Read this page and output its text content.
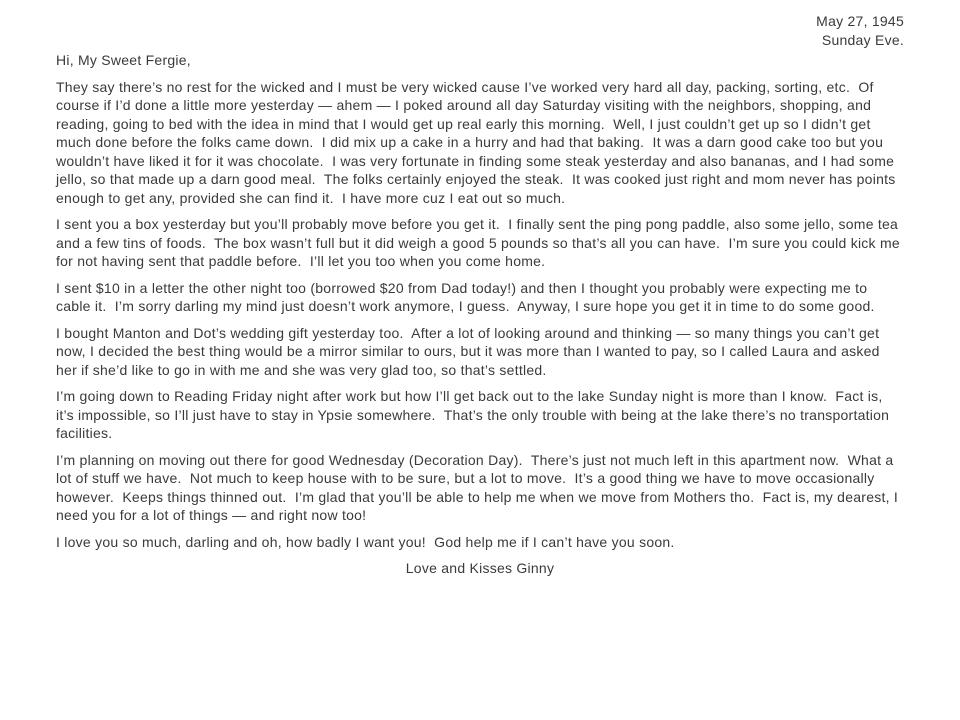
May 27, 1945
Sunday Eve.

Hi, My Sweet Fergie,

They say there’s no rest for the wicked and I must be very wicked cause I’ve worked very hard all day, packing, sorting, etc.  Of course if I’d done a little more yesterday — ahem — I poked around all day Saturday visiting with the neighbors, shopping, and reading, going to bed with the idea in mind that I would get up real early this morning.  Well, I just couldn’t get up so I didn’t get much done before the folks came down.  I did mix up a cake in a hurry and had that baking.  It was a darn good cake too but you wouldn’t have liked it for it was chocolate.  I was very fortunate in finding some steak yesterday and also bananas, and I had some jello, so that made up a darn good meal.  The folks certainly enjoyed the steak.  It was cooked just right and mom never has points enough to get any, provided she can find it.  I have more cuz I eat out so much.

I sent you a box yesterday but you’ll probably move before you get it.  I finally sent the ping pong paddle, also some jello, some tea and a few tins of foods.  The box wasn’t full but it did weigh a good 5 pounds so that’s all you can have.  I’m sure you could kick me for not having sent that paddle before.  I’ll let you too when you come home.

I sent $10 in a letter the other night too (borrowed $20 from Dad today!) and then I thought you probably were expecting me to cable it.  I’m sorry darling my mind just doesn’t work anymore, I guess.  Anyway, I sure hope you get it in time to do some good.

I bought Manton and Dot’s wedding gift yesterday too.  After a lot of looking around and thinking — so many things you can’t get now, I decided the best thing would be a mirror similar to ours, but it was more than I wanted to pay, so I called Laura and asked her if she’d like to go in with me and she was very glad too, so that’s settled.

I’m going down to Reading Friday night after work but how I’ll get back out to the lake Sunday night is more than I know.  Fact is, it’s impossible, so I’ll just have to stay in Ypsie somewhere.  That’s the only trouble with being at the lake there’s no transportation facilities.

I’m planning on moving out there for good Wednesday (Decoration Day).  There’s just not much left in this apartment now.  What a lot of stuff we have.  Not much to keep house with to be sure, but a lot to move.  It’s a good thing we have to move occasionally however.  Keeps things thinned out.  I’m glad that you’ll be able to help me when we move from Mothers tho.  Fact is, my dearest, I need you for a lot of things — and right now too!

I love you so much, darling and oh, how badly I want you!  God help me if I can’t have you soon.

Love and Kisses Ginny
